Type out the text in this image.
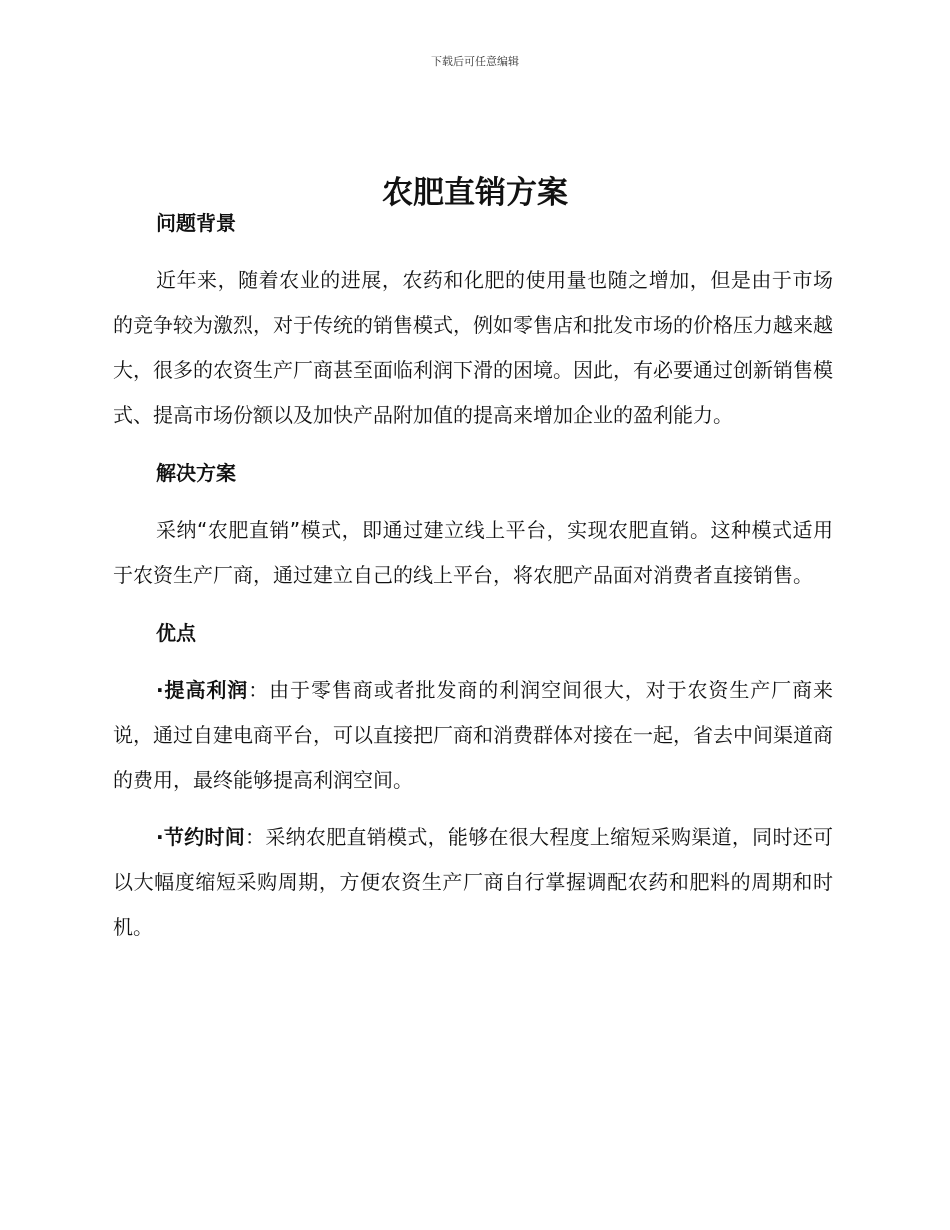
下载后可任意编辑
农肥直销方案
问题背景

近年来，随着农业的进展，农药和化肥的使用量也随之增加，但是由于市场的竞争较为激烈，对于传统的销售模式，例如零售店和批发市场的价格压力越来越大，很多的农资生产厂商甚至面临利润下滑的困境。因此，有必要通过创新销售模式、提高市场份额以及加快产品附加值的提高来增加企业的盈利能力。

解决方案

采纳“农肥直销”模式，即通过建立线上平台，实现农肥直销。这种模式适用于农资生产厂商，通过建立自己的线上平台，将农肥产品面对消费者直接销售。

优点

·提高利润：由于零售商或者批发商的利润空间很大，对于农资生产厂商来说，通过自建电商平台，可以直接把厂商和消费群体对接在一起，省去中间渠道商的费用，最终能够提高利润空间。

·节约时间：采纳农肥直销模式，能够在很大程度上缩短采购渠道，同时还可以大幅度缩短采购周期，方便农资生产厂商自行掌握调配农药和肥料的周期和时机。
